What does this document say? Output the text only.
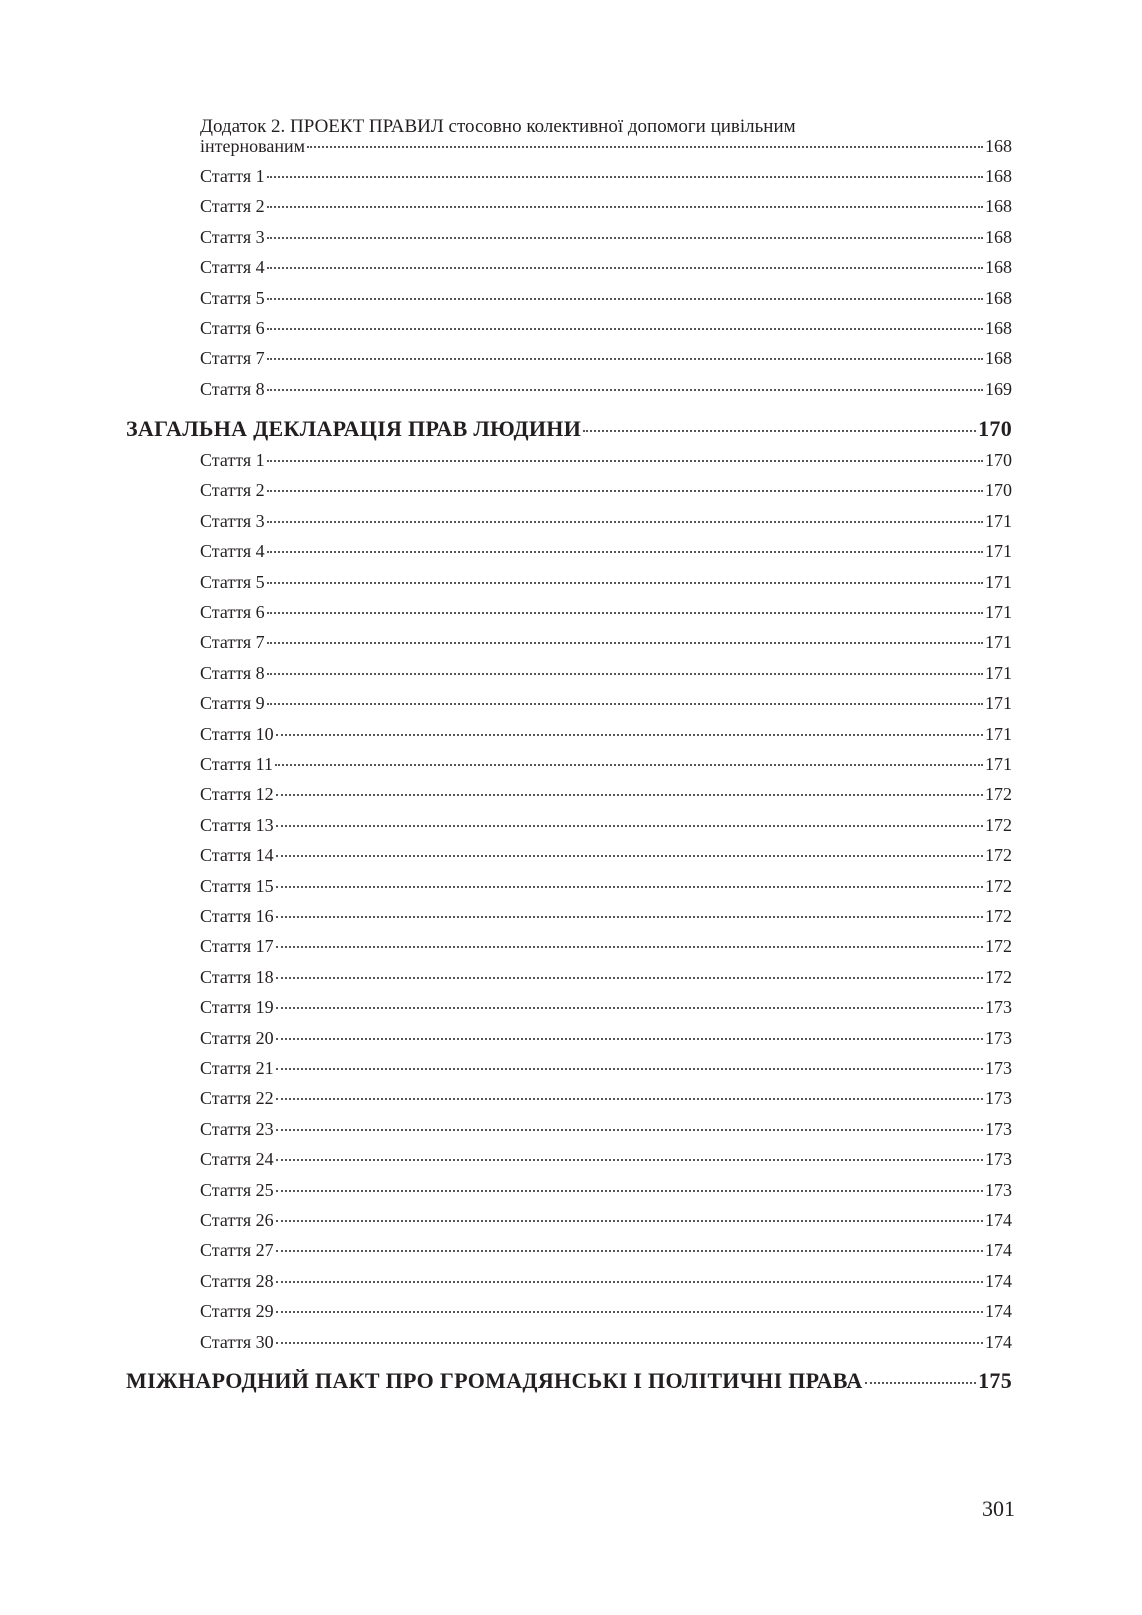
Додаток 2. ПРОЕКТ ПРАВИЛ стосовно колективної допомоги цивільним
інтернованим	168
Стаття 1	168
Стаття 2	168
Стаття 3	168
Стаття 4	168
Стаття 5	168
Стаття 6	168
Стаття 7	168
Стаття 8	169
ЗАГАЛЬНА ДЕКЛАРАЦІЯ ПРАВ ЛЮДИНИ	170
Стаття 1	170
Стаття 2	170
Стаття 3	171
Стаття 4	171
Стаття 5	171
Стаття 6	171
Стаття 7	171
Стаття 8	171
Стаття 9	171
Стаття 10	171
Стаття 11	171
Стаття 12	172
Стаття 13	172
Стаття 14	172
Стаття 15	172
Стаття 16	172
Стаття 17	172
Стаття 18	172
Стаття 19	173
Стаття 20	173
Стаття 21	173
Стаття 22	173
Стаття 23	173
Стаття 24	173
Стаття 25	173
Стаття 26	174
Стаття 27	174
Стаття 28	174
Стаття 29	174
Стаття 30	174
МІЖНАРОДНИЙ ПАКТ ПРО ГРОМАДЯНСЬКІ І ПОЛІТИЧНІ ПРАВА	175
301
